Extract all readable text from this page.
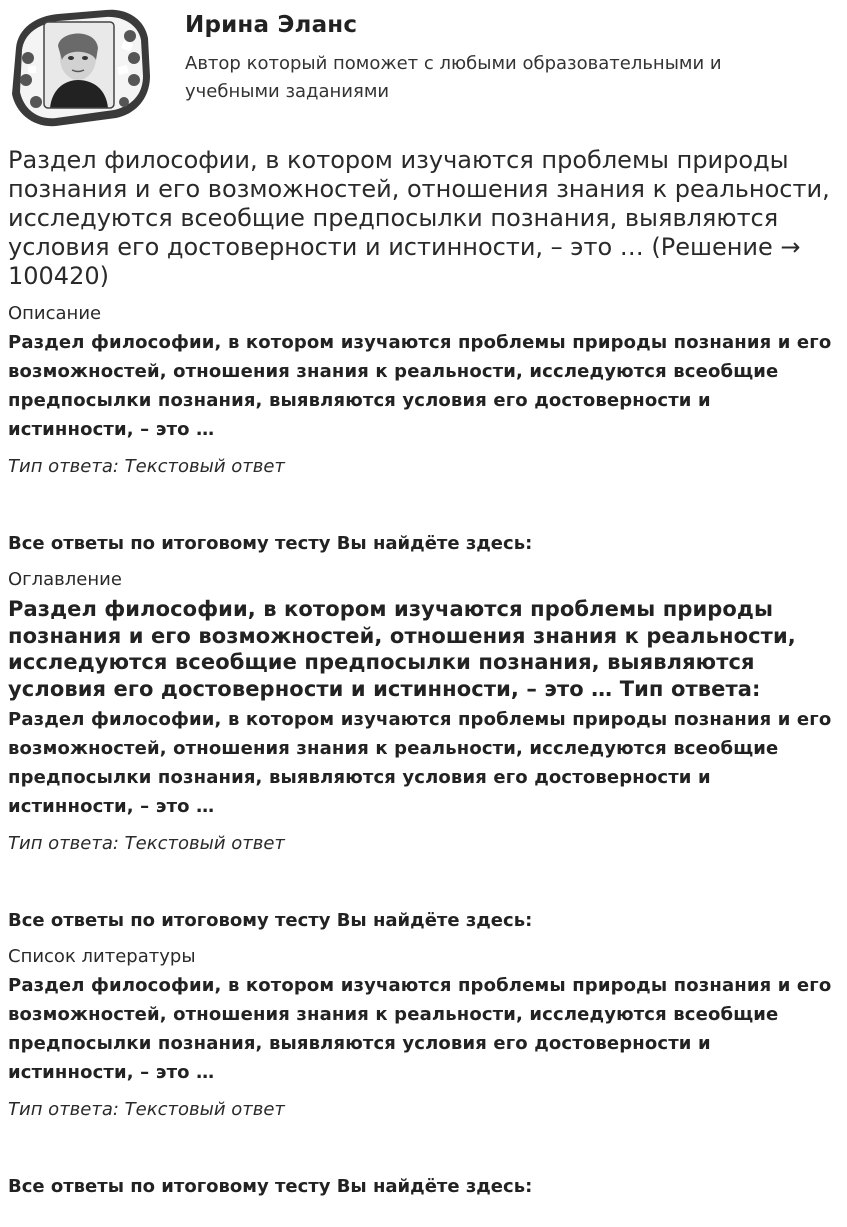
Ирина Эланс
Автор который поможет с любыми образовательными и учебными заданиями
Раздел философии, в котором изучаются проблемы природы познания и его возможностей, отношения знания к реальности, исследуются всеобщие предпосылки познания, выявляются условия его достоверности и истинности, – это … (Решение → 100420)
Описание
Раздел философии, в котором изучаются проблемы природы познания и его возможностей, отношения знания к реальности, исследуются всеобщие предпосылки познания, выявляются условия его достоверности и истинности, – это …
Тип ответа: Текстовый ответ
Все ответы по итоговому тесту Вы найдёте здесь:
Оглавление
Раздел философии, в котором изучаются проблемы природы познания и его возможностей, отношения знания к реальности, исследуются всеобщие предпосылки познания, выявляются условия его достоверности и истинности, – это … Тип ответа:
Раздел философии, в котором изучаются проблемы природы познания и его возможностей, отношения знания к реальности, исследуются всеобщие предпосылки познания, выявляются условия его достоверности и истинности, – это …
Тип ответа: Текстовый ответ
Все ответы по итоговому тесту Вы найдёте здесь:
Список литературы
Раздел философии, в котором изучаются проблемы природы познания и его возможностей, отношения знания к реальности, исследуются всеобщие предпосылки познания, выявляются условия его достоверности и истинности, – это …
Тип ответа: Текстовый ответ
Все ответы по итоговому тесту Вы найдёте здесь:
